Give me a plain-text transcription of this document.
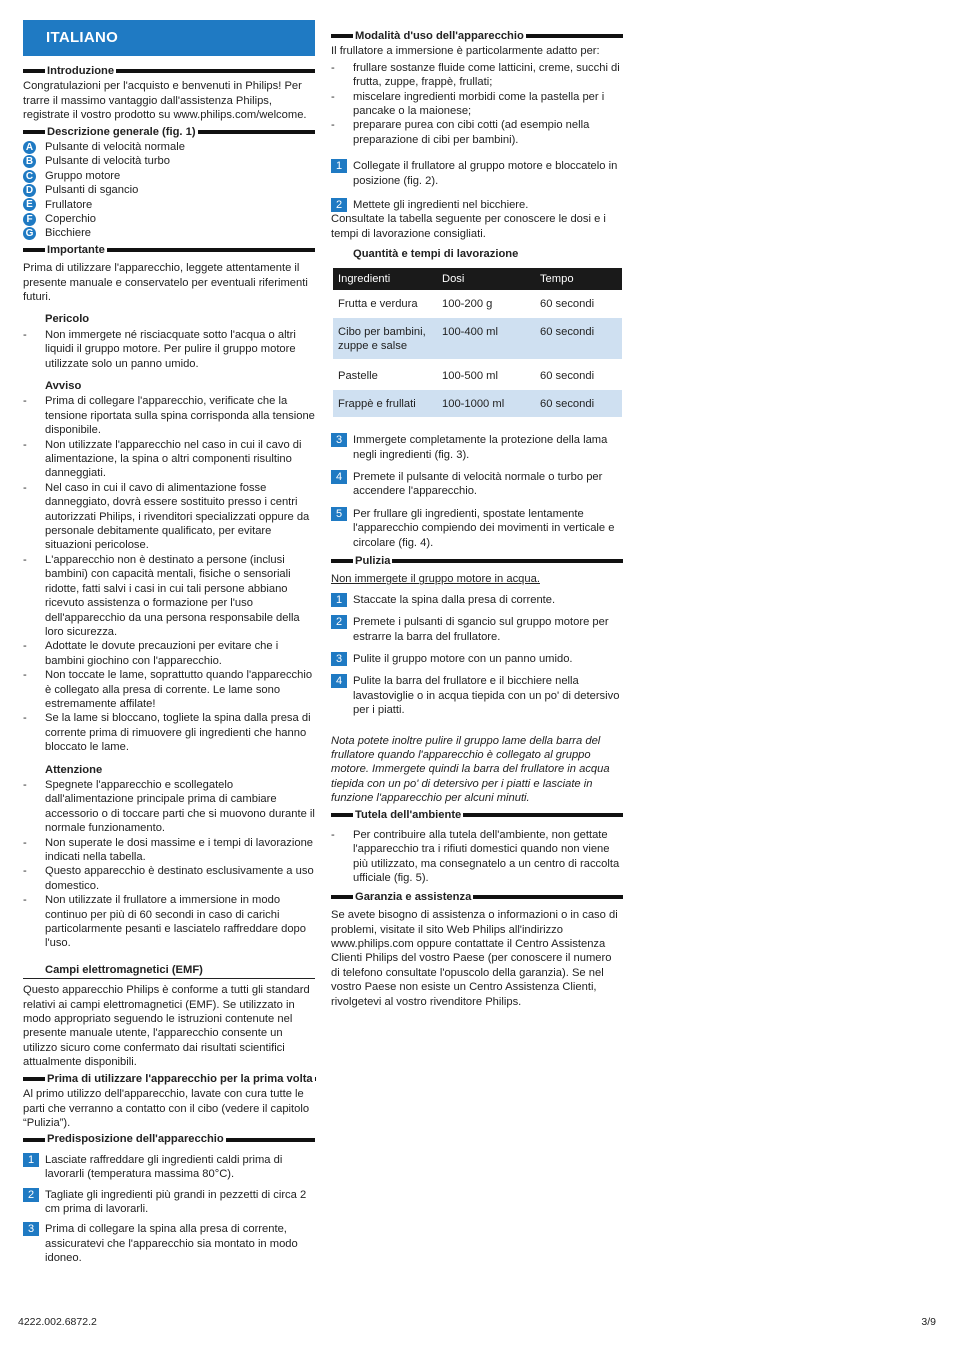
ITALIANO
Introduzione

Congratulazioni per l'acquisto e benvenuti in Philips! Per trarre il massimo vantaggio dall'assistenza Philips, registrate il vostro prodotto su www.philips.com/welcome.

Descrizione generale (fig. 1)
A Pulsante di velocità normale
B Pulsante di velocità turbo
C Gruppo motore
D Pulsanti di sgancio
E Frullatore
F	Coperchio
G Bicchiere
Importante

Prima di utilizzare l'apparecchio, leggete attentamente il presente manuale e conservatelo per eventuali riferimenti futuri.

Pericolo
-	Non immergete né risciacquate sotto l'acqua o altri liquidi il gruppo motore. Per pulire il gruppo motore utilizzate solo un panno umido.
Avviso
-	Prima di collegare l'apparecchio, verificate che la tensione riportata sulla spina corrisponda alla tensione disponibile.
-	Non utilizzate l'apparecchio nel caso in cui il cavo di alimentazione, la spina o altri componenti risultino danneggiati.
-	Nel caso in cui il cavo di alimentazione fosse danneggiato, dovrà essere sostituito presso i centri autorizzati Philips, i rivenditori specializzati oppure da personale debitamente qualificato, per evitare situazioni pericolose.
-	L'apparecchio non è destinato a persone (inclusi bambini) con capacità mentali, fisiche o sensoriali ridotte, fatti salvi i casi in cui tali persone abbiano ricevuto assistenza o formazione per l'uso dell'apparecchio da una persona responsabile della loro sicurezza.
-	Adottate le dovute precauzioni per evitare che i bambini giochino con l'apparecchio.
-	Non toccate le lame, soprattutto quando l'apparecchio è collegato alla presa di corrente. Le lame sono estremamente affilate!
-	Se la lame si bloccano, togliete la spina dalla presa di corrente prima di rimuovere gli ingredienti che hanno bloccato le lame.
Attenzione
-	Spegnete l'apparecchio e scollegatelo dall'alimentazione principale prima di cambiare accessorio o di toccare parti che si muovono durante il normale funzionamento.
-	Non superate le dosi massime e i tempi di lavorazione indicati nella tabella.
-	Questo apparecchio è destinato esclusivamente a uso domestico.
-	Non utilizzate il frullatore a immersione in modo continuo per più di 60 secondi in caso di carichi particolarmente pesanti e lasciatelo raffreddare dopo l'uso.
Campi elettromagnetici (EMF)

Questo apparecchio Philips è conforme a tutti gli standard relativi ai campi elettromagnetici (EMF). Se utilizzato in modo appropriato seguendo le istruzioni contenute nel presente manuale utente, l'apparecchio consente un utilizzo sicuro come confermato dai risultati scientifici attualmente disponibili.

Prima di utilizzare l'apparecchio per la prima volta

Al primo utilizzo dell'apparecchio, lavate con cura tutte le parti che verranno a contatto con il cibo (vedere il capitolo “Pulizia”).

Predisposizione dell'apparecchio
1 Lasciate raffreddare gli ingredienti caldi prima di lavorarli (temperatura massima 80°C).
2 Tagliate gli ingredienti più grandi in pezzetti di circa 2 cm prima di lavorarli.
3 Prima di collegare la spina alla presa di corrente, assicuratevi che l'apparecchio sia montato in modo idoneo.
Modalità d'uso dell'apparecchio

Il frullatore a immersione è particolarmente adatto per:

-	frullare sostanze fluide come latticini, creme, succhi di frutta, zuppe, frappè, frullati;
-	miscelare ingredienti morbidi come la pastella per i pancake o la maionese;
-	preparare purea con cibi cotti (ad esempio nella preparazione di cibi per bambini).
1 Collegate il frullatore al gruppo motore e bloccatelo in posizione (fig. 2).
2 Mettete gli ingredienti nel bicchiere.

Consultate la tabella seguente per conoscere le dosi e i tempi di lavorazione consigliati.

Quantità e tempi di lavorazione
Ingredienti	Dosi	Tempo
Frutta e verdura	100-200 g	60 secondi
Cibo per bambini, zuppe e salse	100-400 ml	60 secondi
Pastelle	100-500 ml	60 secondi
Frappè e frullati	100-1000 ml	60 secondi
3 Immergete completamente la protezione della lama negli ingredienti (fig. 3).
4 Premete il pulsante di velocità normale o turbo per accendere l'apparecchio.
5 Per frullare gli ingredienti, spostate lentamente l'apparecchio compiendo dei movimenti in verticale e circolare (fig. 4).
Pulizia
Non immergete il gruppo motore in acqua.
1 Staccate la spina dalla presa di corrente.
2 Premete i pulsanti di sgancio sul gruppo motore per estrarre la barra del frullatore.
3 Pulite il gruppo motore con un panno umido.
4 Pulite la barra del frullatore e il bicchiere nella lavastoviglie o in acqua tiepida con un po' di detersivo per i piatti.

Nota potete inoltre pulire il gruppo lame della barra del frullatore quando l'apparecchio è collegato al gruppo motore. Immergete quindi la barra del frullatore in acqua tiepida con un po' di detersivo per i piatti e lasciate in funzione l'apparecchio per alcuni minuti.

Tutela dell'ambiente
-	Per contribuire alla tutela dell'ambiente, non gettate l'apparecchio tra i rifiuti domestici quando non viene più utilizzato, ma consegnatelo a un centro di raccolta ufficiale (fig. 5).
Garanzia e assistenza

Se avete bisogno di assistenza o informazioni o in caso di problemi, visitate il sito Web Philips all'indirizzo www.philips.com oppure contattate il Centro Assistenza Clienti Philips del vostro Paese (per conoscere il numero di telefono consultate l'opuscolo della garanzia). Se nel vostro Paese non esiste un Centro Assistenza Clienti, rivolgetevi al vostro rivenditore Philips.

4222.002.6872.2	3/9
